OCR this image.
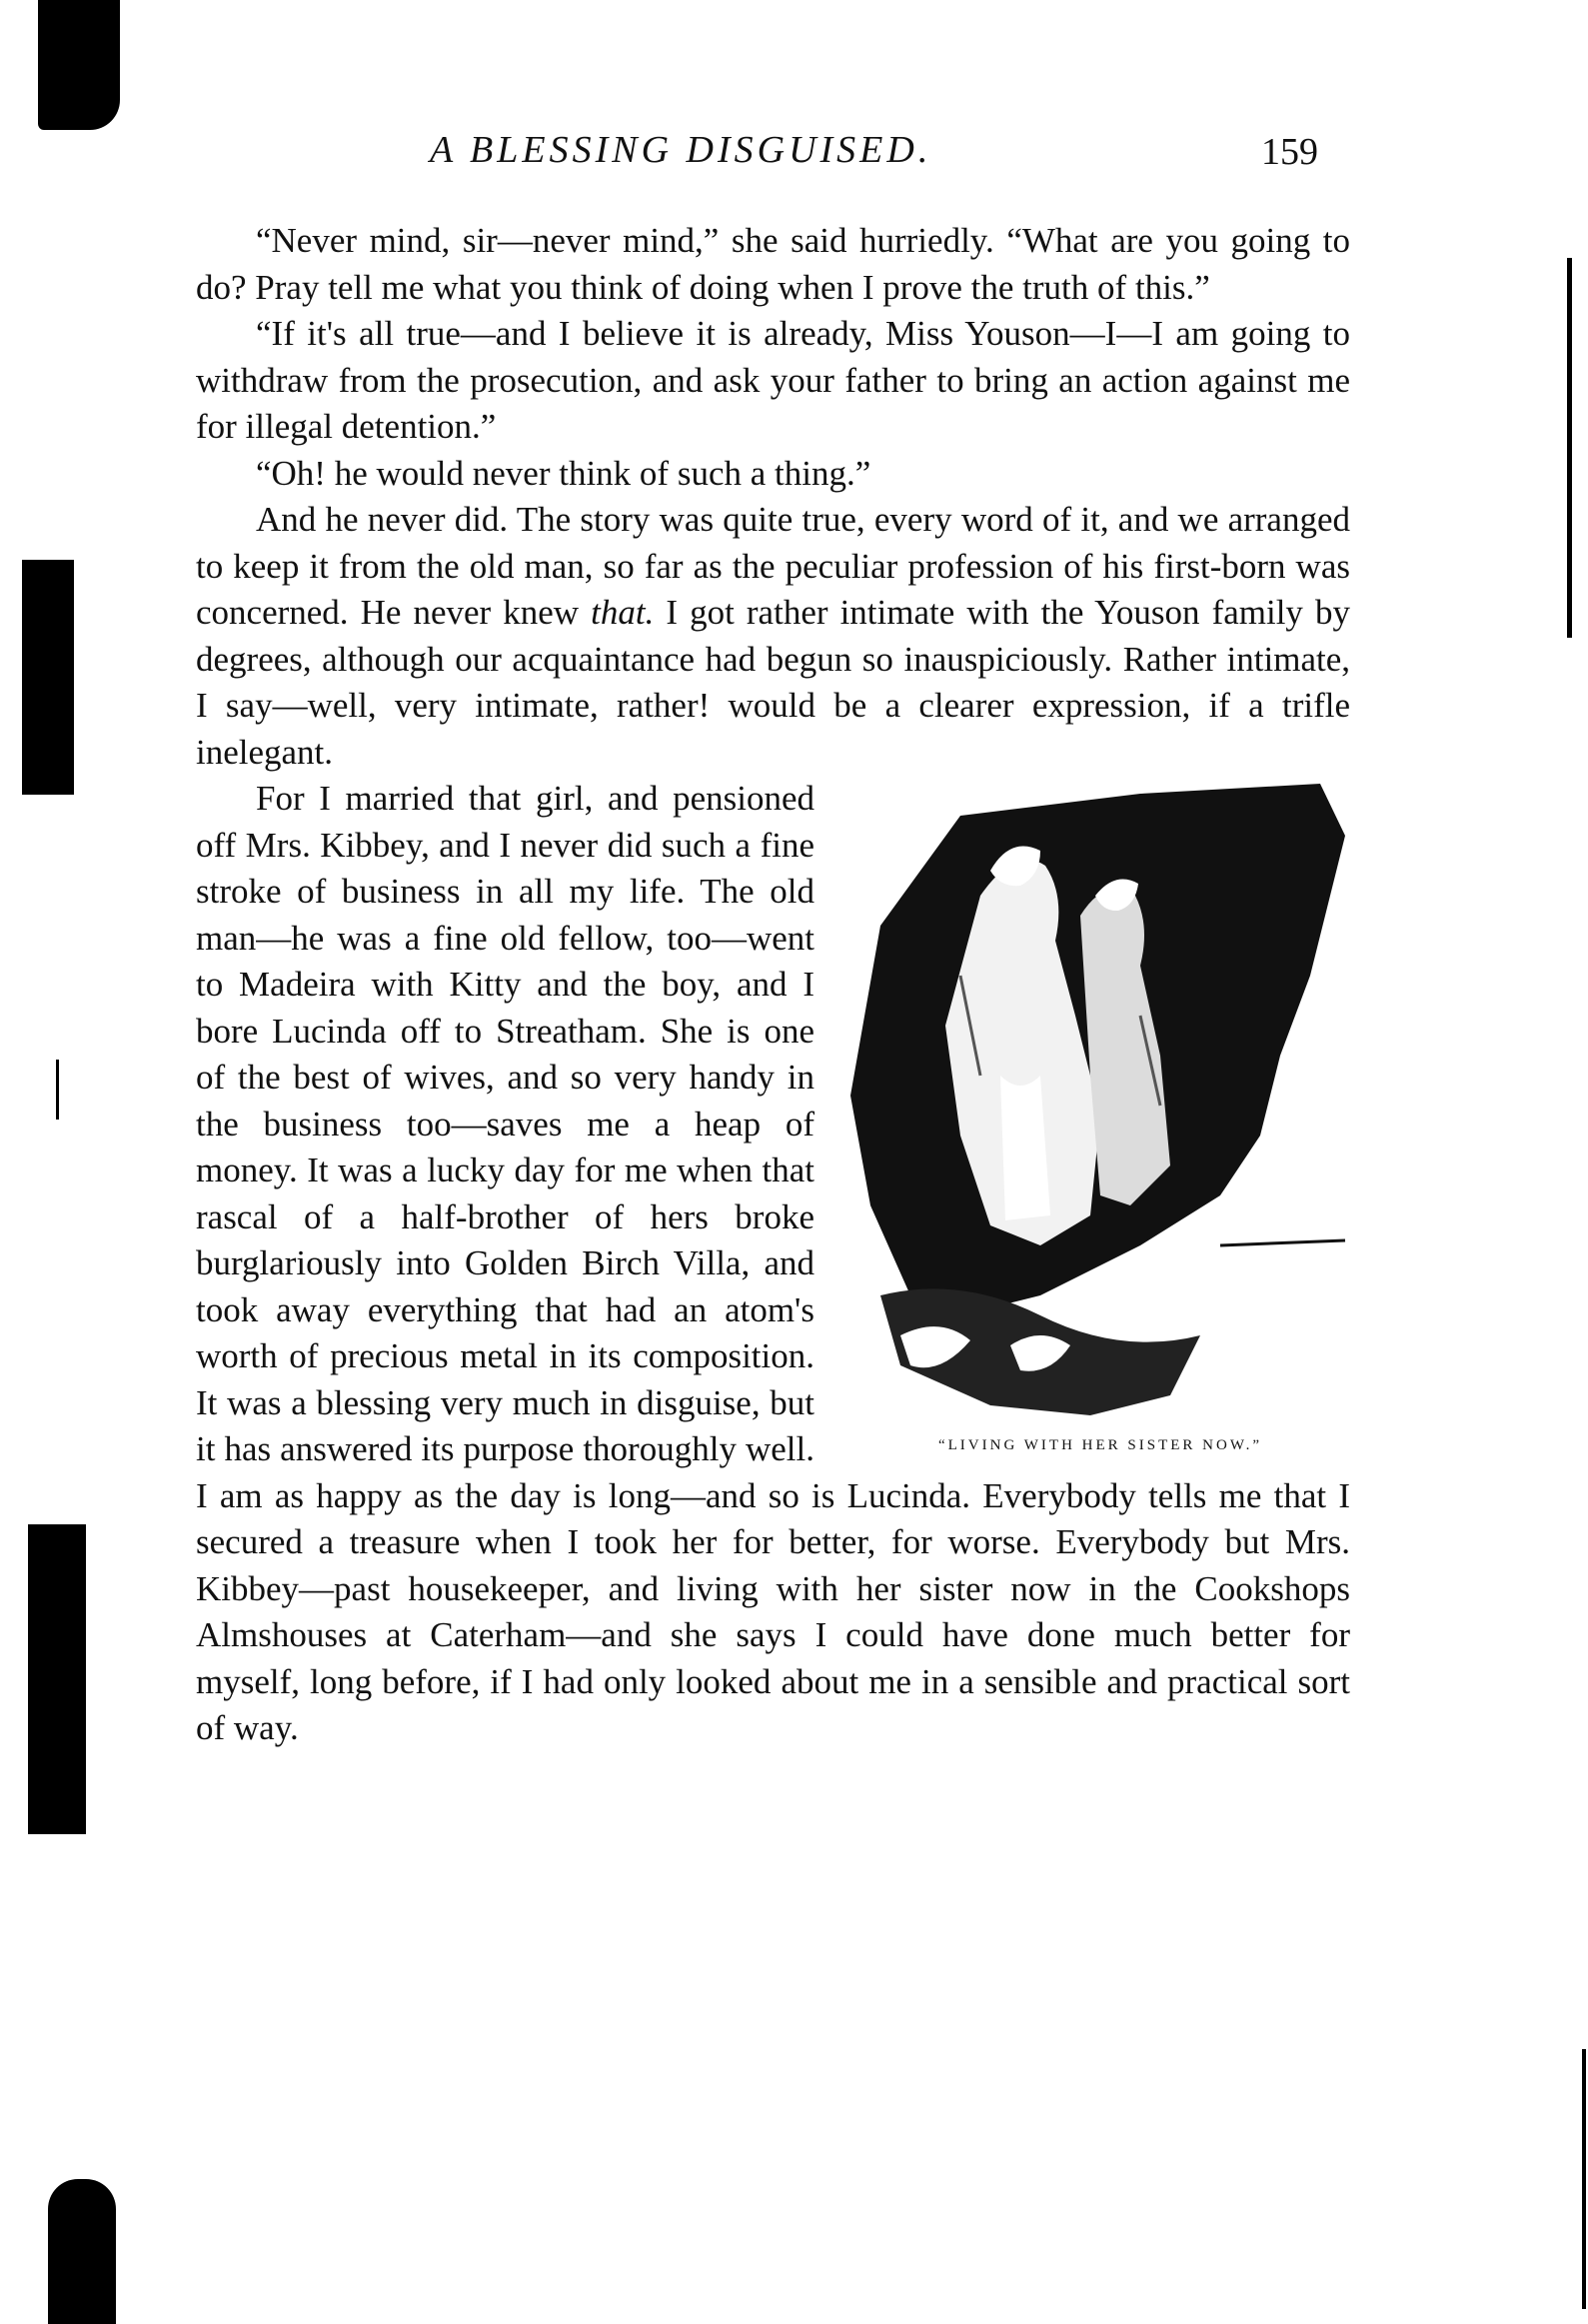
A BLESSING DISGUISED.	159

“Never mind, sir—never mind,” she said hurriedly. “What are you going to do? Pray tell me what you think of doing when I prove the truth of this.”

“If it's all true—and I believe it is already, Miss Youson—I—I am going to withdraw from the prosecution, and ask your father to bring an action against me for illegal detention.”

“Oh! he would never think of such a thing.”

And he never did. The story was quite true, every word of it, and we arranged to keep it from the old man, so far as the peculiar profession of his first-born was concerned. He never knew that. I got rather intimate with the Youson family by degrees, although our acquaintance had begun so inauspiciously. Rather intimate, I say—well, very intimate, rather! would be a clearer expression, if a trifle inelegant.

“LIVING WITH HER SISTER NOW.”

For I married that girl, and pensioned off Mrs. Kibbey, and I never did such a fine stroke of business in all my life. The old man—he was a fine old fellow, too—went to Madeira with Kitty and the boy, and I bore Lucinda off to Streatham. She is one of the best of wives, and so very handy in the business too—saves me a heap of money. It was a lucky day for me when that rascal of a half-brother of hers broke burglariously into Golden Birch Villa, and took away everything that had an atom's worth of precious metal in its composition. It was a blessing very much in disguise, but it has answered its purpose thoroughly well. I am as happy as the day is long—and so is Lucinda. Everybody tells me that I secured a treasure when I took her for better, for worse. Everybody but Mrs. Kibbey—past housekeeper, and living with her sister now in the Cookshops Almshouses at Caterham—and she says I could have done much better for myself, long before, if I had only looked about me in a sensible and practical sort of way.
